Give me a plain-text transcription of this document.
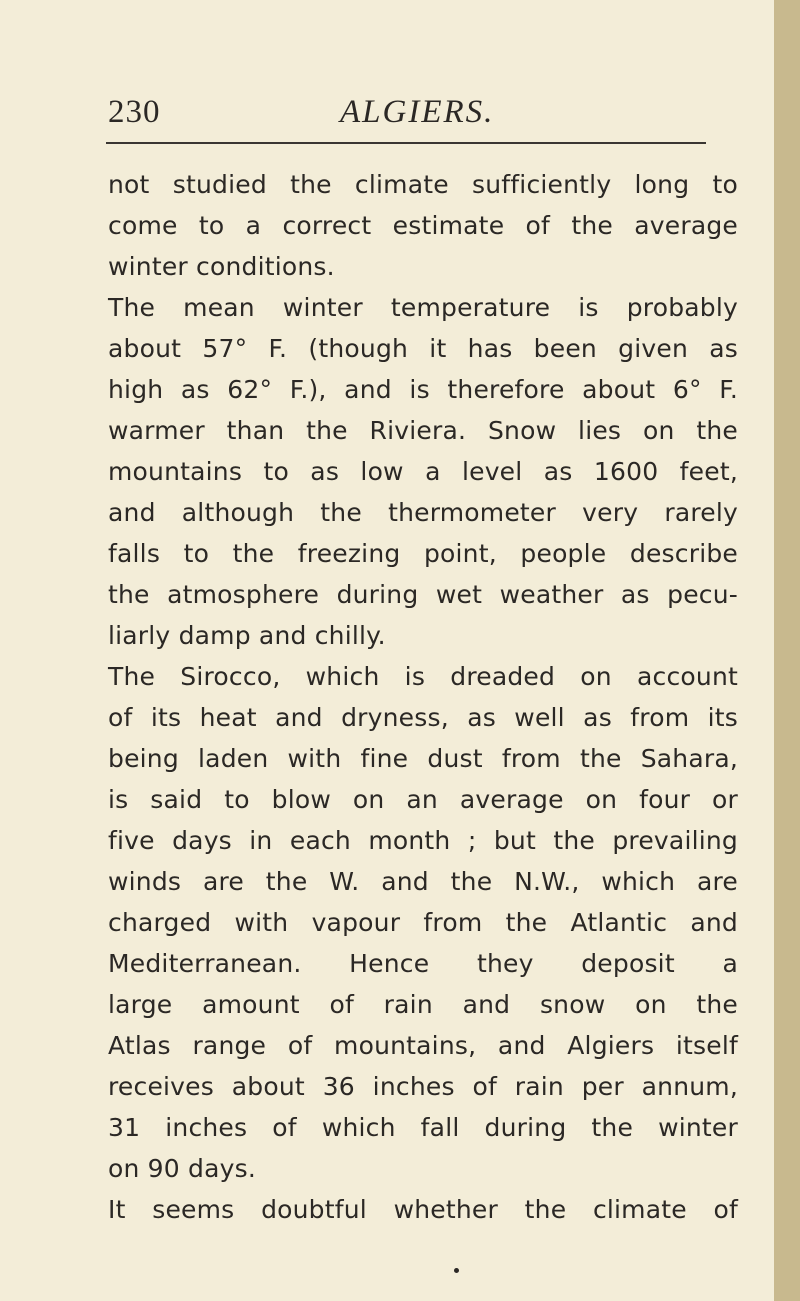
230	ALGIERS.
not studied the climate sufficiently long to
come to a correct estimate of the average
winter conditions.
The mean winter temperature is probably
about 57° F. (though it has been given as
high as 62° F.), and is therefore about 6° F.
warmer than the Riviera. Snow lies on the
mountains to as low a level as 1600 feet,
and although the thermometer very rarely
falls to the freezing point, people describe
the atmosphere during wet weather as pecu-
liarly damp and chilly.
The Sirocco, which is dreaded on account
of its heat and dryness, as well as from its
being laden with fine dust from the Sahara,
is said to blow on an average on four or
five days in each month ; but the prevailing
winds are the W. and the N.W., which are
charged with vapour from the Atlantic and
Mediterranean. Hence they deposit a
large amount of rain and snow on the
Atlas range of mountains, and Algiers itself
receives about 36 inches of rain per annum,
31 inches of which fall during the winter
on 90 days.
It seems doubtful whether the climate of
